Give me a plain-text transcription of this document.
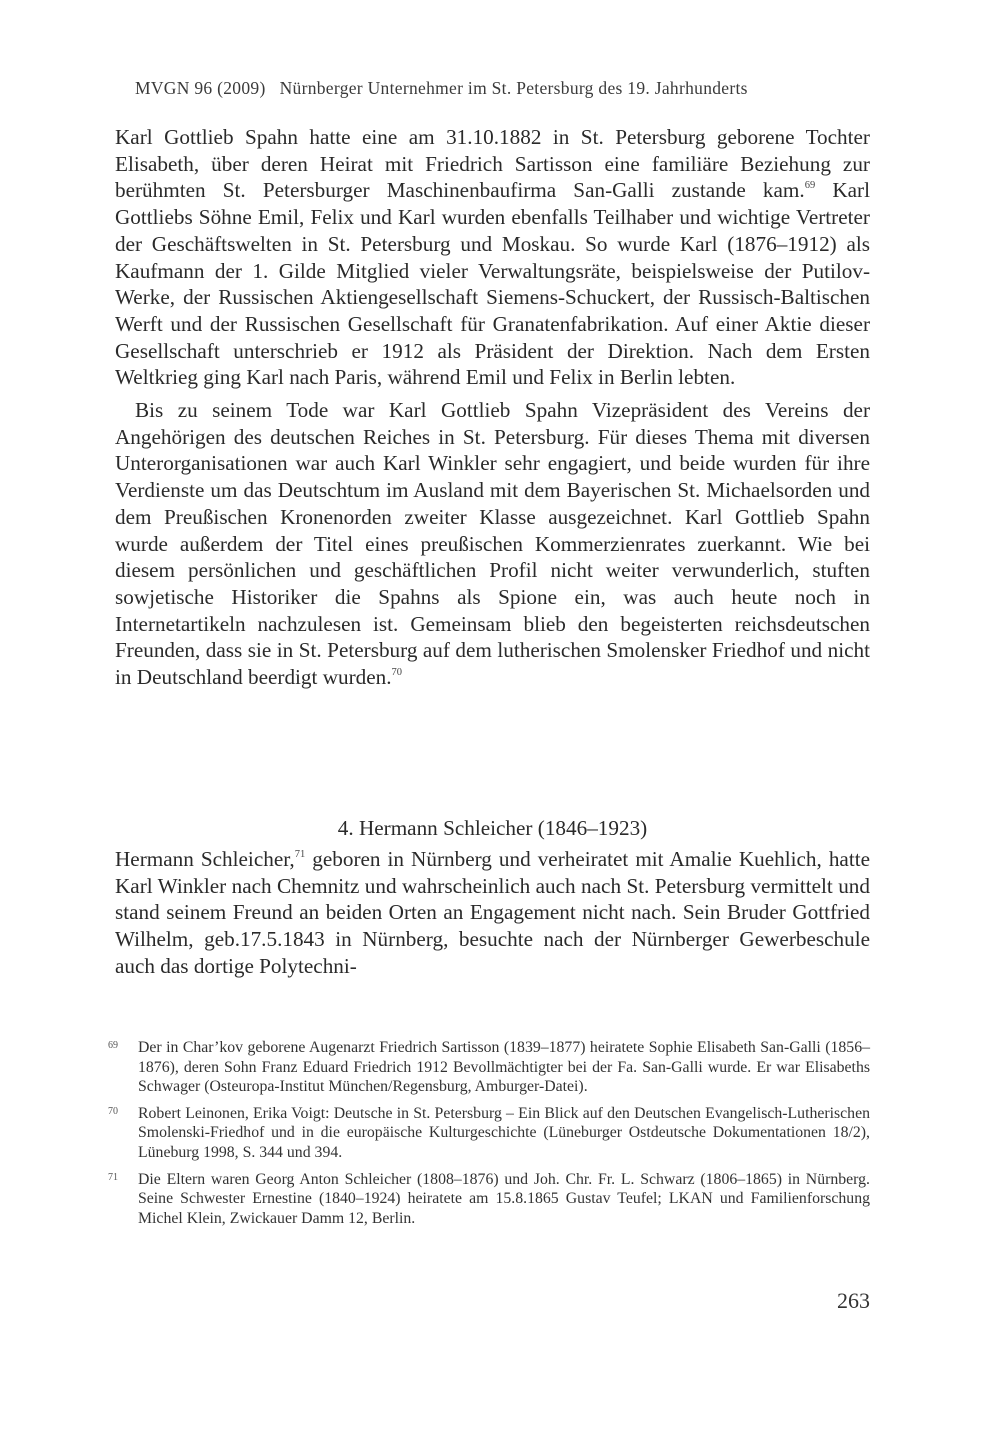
MVGN 96 (2009) Nürnberger Unternehmer im St. Petersburg des 19. Jahrhunderts

Karl Gottlieb Spahn hatte eine am 31.10.1882 in St. Petersburg geborene Tochter Elisabeth, über deren Heirat mit Friedrich Sartisson eine familiäre Beziehung zur berühmten St. Petersburger Maschinenbaufirma San-Galli zustande kam.$^{69}$ Karl Gottliebs Söhne Emil, Felix und Karl wurden ebenfalls Teilhaber und wichtige Vertreter der Geschäftswelten in St. Petersburg und Moskau. So wurde Karl (1876–1912) als Kaufmann der 1. Gilde Mitglied vieler Verwaltungsräte, beispielsweise der Putilov-Werke, der Russischen Aktiengesellschaft Siemens-Schuckert, der Russisch-Baltischen Werft und der Russischen Gesellschaft für Granatenfabrikation. Auf einer Aktie dieser Gesellschaft unterschrieb er 1912 als Präsident der Direktion. Nach dem Ersten Weltkrieg ging Karl nach Paris, während Emil und Felix in Berlin lebten.

Bis zu seinem Tode war Karl Gottlieb Spahn Vizepräsident des Vereins der Angehörigen des deutschen Reiches in St. Petersburg. Für dieses Thema mit diversen Unterorganisationen war auch Karl Winkler sehr engagiert, und beide wurden für ihre Verdienste um das Deutschtum im Ausland mit dem Bayerischen St. Michaelsorden und dem Preußischen Kronenorden zweiter Klasse ausgezeichnet. Karl Gottlieb Spahn wurde außerdem der Titel eines preußischen Kommerzienrates zuerkannt. Wie bei diesem persönlichen und geschäftlichen Profil nicht weiter verwunderlich, stuften sowjetische Historiker die Spahns als Spione ein, was auch heute noch in Internetartikeln nachzulesen ist. Gemeinsam blieb den begeisterten reichsdeutschen Freunden, dass sie in St. Petersburg auf dem lutherischen Smolensker Friedhof und nicht in Deutschland beerdigt wurden.$^{70}$

4. Hermann Schleicher (1846–1923)

Hermann Schleicher,$^{71}$ geboren in Nürnberg und verheiratet mit Amalie Kuehlich, hatte Karl Winkler nach Chemnitz und wahrscheinlich auch nach St. Petersburg vermittelt und stand seinem Freund an beiden Orten an Engagement nicht nach. Sein Bruder Gottfried Wilhelm, geb.17.5.1843 in Nürnberg, besuchte nach der Nürnberger Gewerbeschule auch das dortige Polytechni-

69 Der in Char’kov geborene Augenarzt Friedrich Sartisson (1839–1877) heiratete Sophie Elisabeth San-Galli (1856–1876), deren Sohn Franz Eduard Friedrich 1912 Bevollmächtigter bei der Fa. San-Galli wurde. Er war Elisabeths Schwager (Osteuropa-Institut München/Regensburg, Amburger-Datei).
70 Robert Leinonen, Erika Voigt: Deutsche in St. Petersburg – Ein Blick auf den Deutschen Evangelisch-Lutherischen Smolenski-Friedhof und in die europäische Kulturgeschichte (Lüneburger Ostdeutsche Dokumentationen 18/2), Lüneburg 1998, S. 344 und 394.
71 Die Eltern waren Georg Anton Schleicher (1808–1876) und Joh. Chr. Fr. L. Schwarz (1806–1865) in Nürnberg. Seine Schwester Ernestine (1840–1924) heiratete am 15.8.1865 Gustav Teufel; LKAN und Familienforschung Michel Klein, Zwickauer Damm 12, Berlin.
263
